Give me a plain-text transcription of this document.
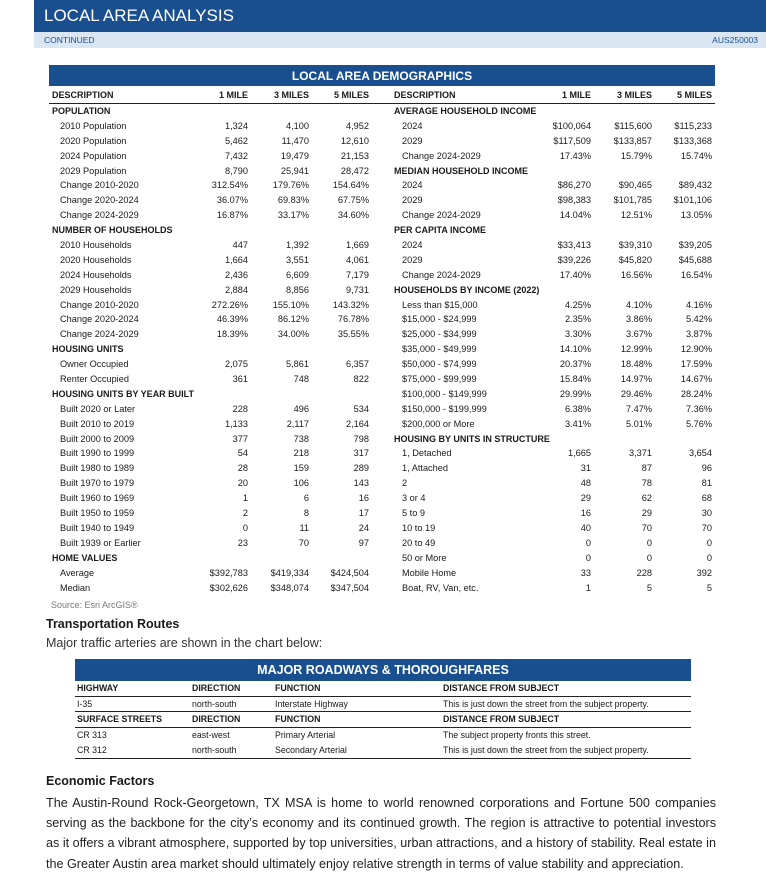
LOCAL AREA ANALYSIS
CONTINUED	AUS250003
LOCAL AREA DEMOGRAPHICS
DESCRIPTION	1 MILE	3 MILES	5 MILES	DESCRIPTION	1 MILE	3 MILES	5 MILES
POPULATION	AVERAGE HOUSEHOLD INCOME
2010 Population	1,324	4,100	4,952	2024	$100,064	$115,600 $115,233
2020 Population	5,462	11,470	12,610	2029	$117,509 $133,857 $133,368
2024 Population	7,432	19,479	21,153	Change 2024-2029	17.43%	15.79%	15.74%
2029 Population	8,790	25,941	28,472	MEDIAN HOUSEHOLD INCOME
Change 2010-2020	312.54%	179.76%	154.64%	2024	$86,270	$90,465	$89,432
Change 2020-2024	36.07%	69.83%	67.75%	2029	$98,383 $101,785 $101,106
Change 2024-2029	16.87%	33.17%	34.60%	Change 2024-2029	14.04%	12.51%	13.05%
NUMBER OF HOUSEHOLDS	PER CAPITA INCOME
2010 Households	447	1,392	1,669	2024	$33,413	$39,310	$39,205
2020 Households	1,664	3,551	4,061	2029	$39,226	$45,820	$45,688
2024 Households	2,436	6,609	7,179	Change 2024-2029	17.40%	16.56%	16.54%
2029 Households	2,884	8,856	9,731	HOUSEHOLDS BY INCOME (2022)
Change 2010-2020	272.26%	155.10%	143.32%	Less than $15,000	4.25%	4.10%	4.16%
Change 2020-2024	46.39%	86.12%	76.78%	$15,000 - $24,999	2.35%	3.86%	5.42%
Change 2024-2029	18.39%	34.00%	35.55%	$25,000 - $34,999	3.30%	3.67%	3.87%
HOUSING UNITS	$35,000 - $49,999	14.10%	12.99%	12.90%
Owner Occupied	2,075	5,861	6,357	$50,000 - $74,999	20.37%	18.48%	17.59%
Renter Occupied	361	748	822	$75,000 - $99,999	15.84%	14.97%	14.67%
HOUSING UNITS BY YEAR BUILT	$100,000 - $149,999	29.99%	29.46%	28.24%
Built 2020 or Later	228	496	534	$150,000 - $199,999	6.38%	7.47%	7.36%
Built 2010 to 2019	1,133	2,117	2,164	$200,000 or More	3.41%	5.01%	5.76%
Built 2000 to 2009	377	738	798	HOUSING BY UNITS IN STRUCTURE
Built 1990 to 1999	54	218	317	1, Detached	1,665	3,371	3,654
Built 1980 to 1989	28	159	289	1, Attached	31	87	96
Built 1970 to 1979	20	106	143	2	48	78	81
Built 1960 to 1969	1	6	16	3 or 4	29	62	68
Built 1950 to 1959	2	8	17	5 to 9	16	29	30
Built 1940 to 1949	0	11	24	10 to 19	40	70	70
Built 1939 or Earlier	23	70	97	20 to 49	0	0	0
HOME VALUES	50 or More	0	0	0
Average	$392,783 $419,334 $424,504	Mobile Home	33	228	392
Median	$302,626 $348,074 $347,504	Boat, RV, Van, etc.	1	5	5
Source: Esri ArcGIS®
Transportation Routes
Major traffic arteries are shown in the chart below:
MAJOR ROADWAYS & THOROUGHFARES
HIGHWAY	DIRECTION	FUNCTION	DISTANCE FROM SUBJECT
I-35	north-south	Interstate Highway	This is just down the street from the subject property.
SURFACE STREETS	DIRECTION	FUNCTION	DISTANCE FROM SUBJECT
CR 313	east-west	Primary Arterial	The subject property fronts this street.
CR 312	north-south	Secondary Arterial	This is just down the street from the subject property.
Economic Factors
The Austin-Round Rock-Georgetown, TX MSA is home to world renowned corporations and Fortune 500 companies serving as the backbone for the city’s economy and its continued growth. The region is attractive to potential investors as it offers a vibrant atmosphere, supported by top universities, urban attractions, and a history of stability. Real estate in the Greater Austin area market should ultimately enjoy relative strength in terms of value stability and appreciation.
